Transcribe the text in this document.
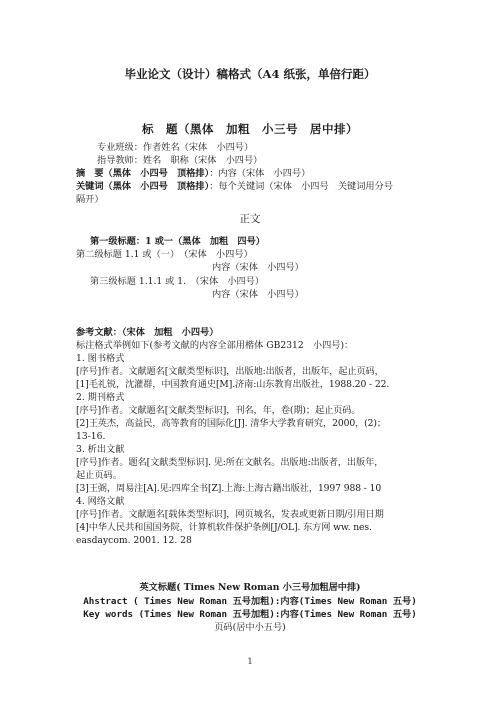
毕业论文（设计）稿格式（A4 纸张，单倍行距）
标　题（黑体　加粗　小三号　居中排）
专业班级：作者姓名（宋体　小四号）
指导教师：姓名　职称（宋体　小四号）
摘　要（黑体　小四号　顶格排）：内容（宋体　小四号）
关键词（黑体　小四号　顶格排）：每个关键词（宋体　小四号　关键词用分号
隔开）
正文
第一级标题：1 或一（黑体　加粗　四号）
第二级标题 1.1 或（一）　（宋体　小四号）
内容（宋体　小四号）
第三级标题 1.1.1 或 1.　（宋体　小四号）
内容（宋体　小四号）
参考文献：（宋体　加粗　小四号）
标注格式举例如下(参考文献的内容全部用楷体 GB2312　小四号)：
1. 图书格式
[序号]作者。文献题名[文献类型标识]，出版地:出版者，出版年，起止页码，
[1]毛礼锐，沈灌群，中国教育通史[M].济南:山东教育出版社，1988.20 - 22.
2. 期刊格式
[序号]作者。文献题名[文献类型标识]，刊名，年，卷(期)；起止页码。
[2]王英杰，高益民，高等教育的国际化[J]. 清华大学教育研究，2000，(2)；
13-16.
3. 析出文献
[序号]作者。题名[文献类型标识]. 见:所在文献名。出版地:出版者，出版年，
起止页码。
[3]王弼，周易注[A].见:四库全书[Z].上海:上海古籍出版社，1997 988 - 10
4. 网络文献
[序号]作者。文献题名[载体类型标识]，网页城名，发表或更新日期/引用日期
[4]中华人民共和国国务院，计算机软件保护条例[J/OL]. 东方网 ww. nes.
easdaycom. 2001. 12. 28
英文标题( Times New Roman 小三号加粗居中排)
Ahstract ( Times New Roman 五号加粗):内容(Times New Roman 五号)
Key words (Times New Roman 五号加粗):内容(Times New Roman 五号)
页码(居中小五号)
1
